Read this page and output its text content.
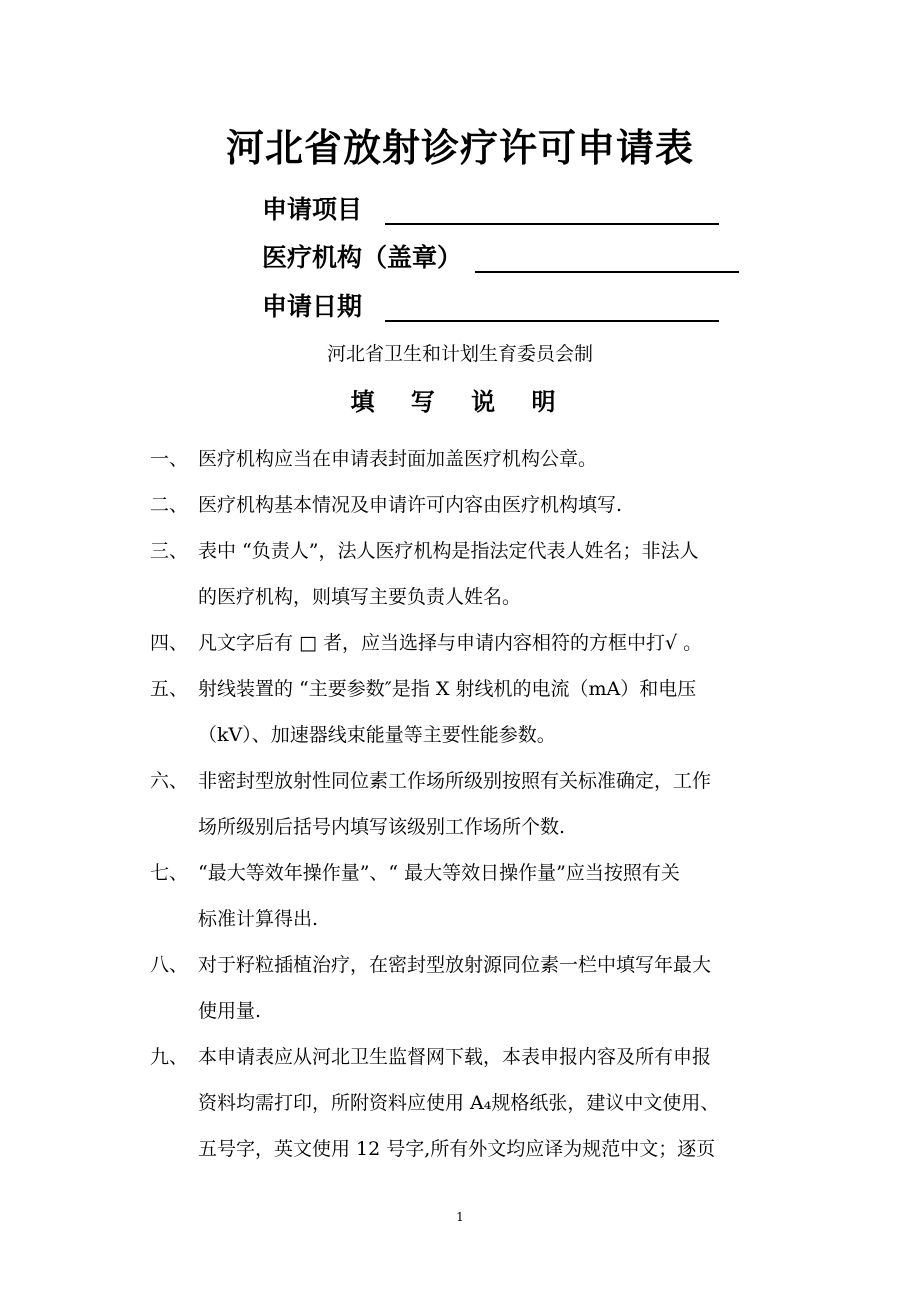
河北省放射诊疗许可申请表
申请项目
医疗机构（盖章）
申请日期
河北省卫生和计划生育委员会制
填 写 说 明
一、 医疗机构应当在申请表封面加盖医疗机构公章。
二、 医疗机构基本情况及申请许可内容由医疗机构填写.
三、 表中 “负责人”，法人医疗机构是指法定代表人姓名；非法人
的医疗机构，则填写主要负责人姓名。
四、 凡文字后有 □ 者，应当选择与申请内容相符的方框中打√ 。
五、 射线装置的 “主要参数″是指 X 射线机的电流（mA）和电压
（kV）、加速器线束能量等主要性能参数。
六、 非密封型放射性同位素工作场所级别按照有关标准确定，工作
场所级别后括号内填写该级别工作场所个数.
七、 “最大等效年操作量”、“ 最大等效日操作量”应当按照有关
标准计算得出.
八、 对于籽粒插植治疗，在密封型放射源同位素一栏中填写年最大
使用量.
九、 本申请表应从河北卫生监督网下载，本表申报内容及所有申报
资料均需打印，所附资料应使用 A₄规格纸张，建议中文使用、
五号字，英文使用 12 号字,所有外文均应译为规范中文；逐页
1
